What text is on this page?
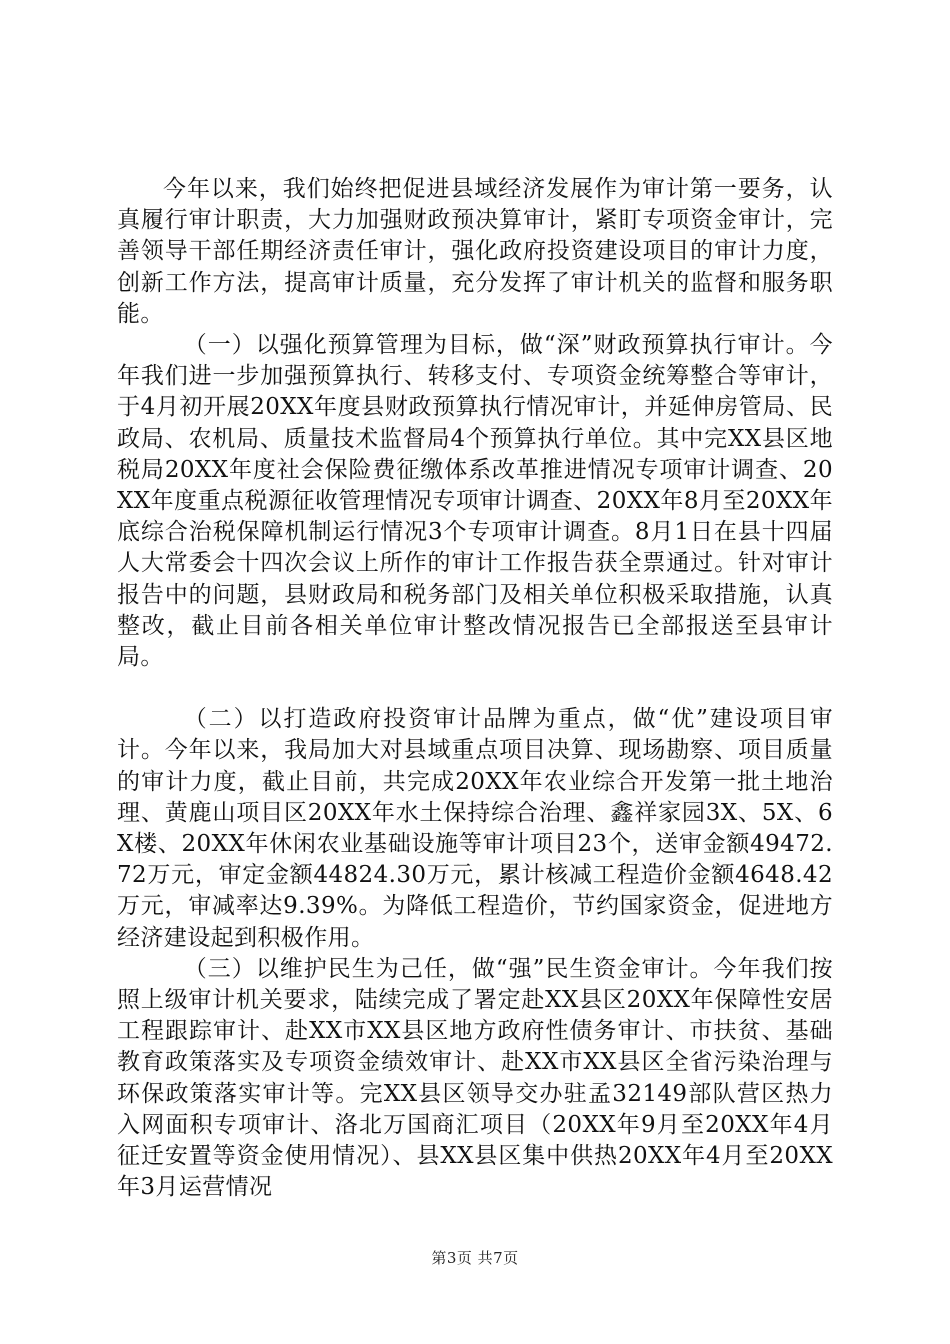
今年以来，我们始终把促进县域经济发展作为审计第一要务，认真履行审计职责，大力加强财政预决算审计，紧盯专项资金审计，完善领导干部任期经济责任审计，强化政府投资建设项目的审计力度，创新工作方法，提高审计质量，充分发挥了审计机关的监督和服务职能。

（一）以强化预算管理为目标，做“深”财政预算执行审计。今年我们进一步加强预算执行、转移支付、专项资金统筹整合等审计，于4月初开展20XX年度县财政预算执行情况审计，并延伸房管局、民政局、农机局、质量技术监督局4个预算执行单位。其中完XX县区地税局20XX年度社会保险费征缴体系改革推进情况专项审计调查、20XX年度重点税源征收管理情况专项审计调查、20XX年8月至20XX年底综合治税保障机制运行情况3个专项审计调查。8月1日在县十四届人大常委会十四次会议上所作的审计工作报告获全票通过。针对审计报告中的问题，县财政局和税务部门及相关单位积极采取措施，认真整改，截止目前各相关单位审计整改情况报告已全部报送至县审计局。

（二）以打造政府投资审计品牌为重点，做“优”建设项目审计。今年以来，我局加大对县域重点项目决算、现场勘察、项目质量的审计力度，截止目前，共完成20XX年农业综合开发第一批土地治理、黄鹿山项目区20XX年水土保持综合治理、鑫祥家园3X、5X、6X楼、20XX年休闲农业基础设施等审计项目23个，送审金额49472.72万元，审定金额44824.30万元，累计核减工程造价金额4648.42万元，审减率达9.39%。为降低工程造价，节约国家资金，促进地方经济建设起到积极作用。

（三）以维护民生为己任，做“强”民生资金审计。今年我们按照上级审计机关要求，陆续完成了署定赴XX县区20XX年保障性安居工程跟踪审计、赴XX市XX县区地方政府性债务审计、市扶贫、基础教育政策落实及专项资金绩效审计、赴XX市XX县区全省污染治理与环保政策落实审计等。完XX县区领导交办驻孟32149部队营区热力入网面积专项审计、洛北万国商汇项目（20XX年9月至20XX年4月征迁安置等资金使用情况）、县XX县区集中供热20XX年4月至20XX年3月运营情况

第3页 共7页
